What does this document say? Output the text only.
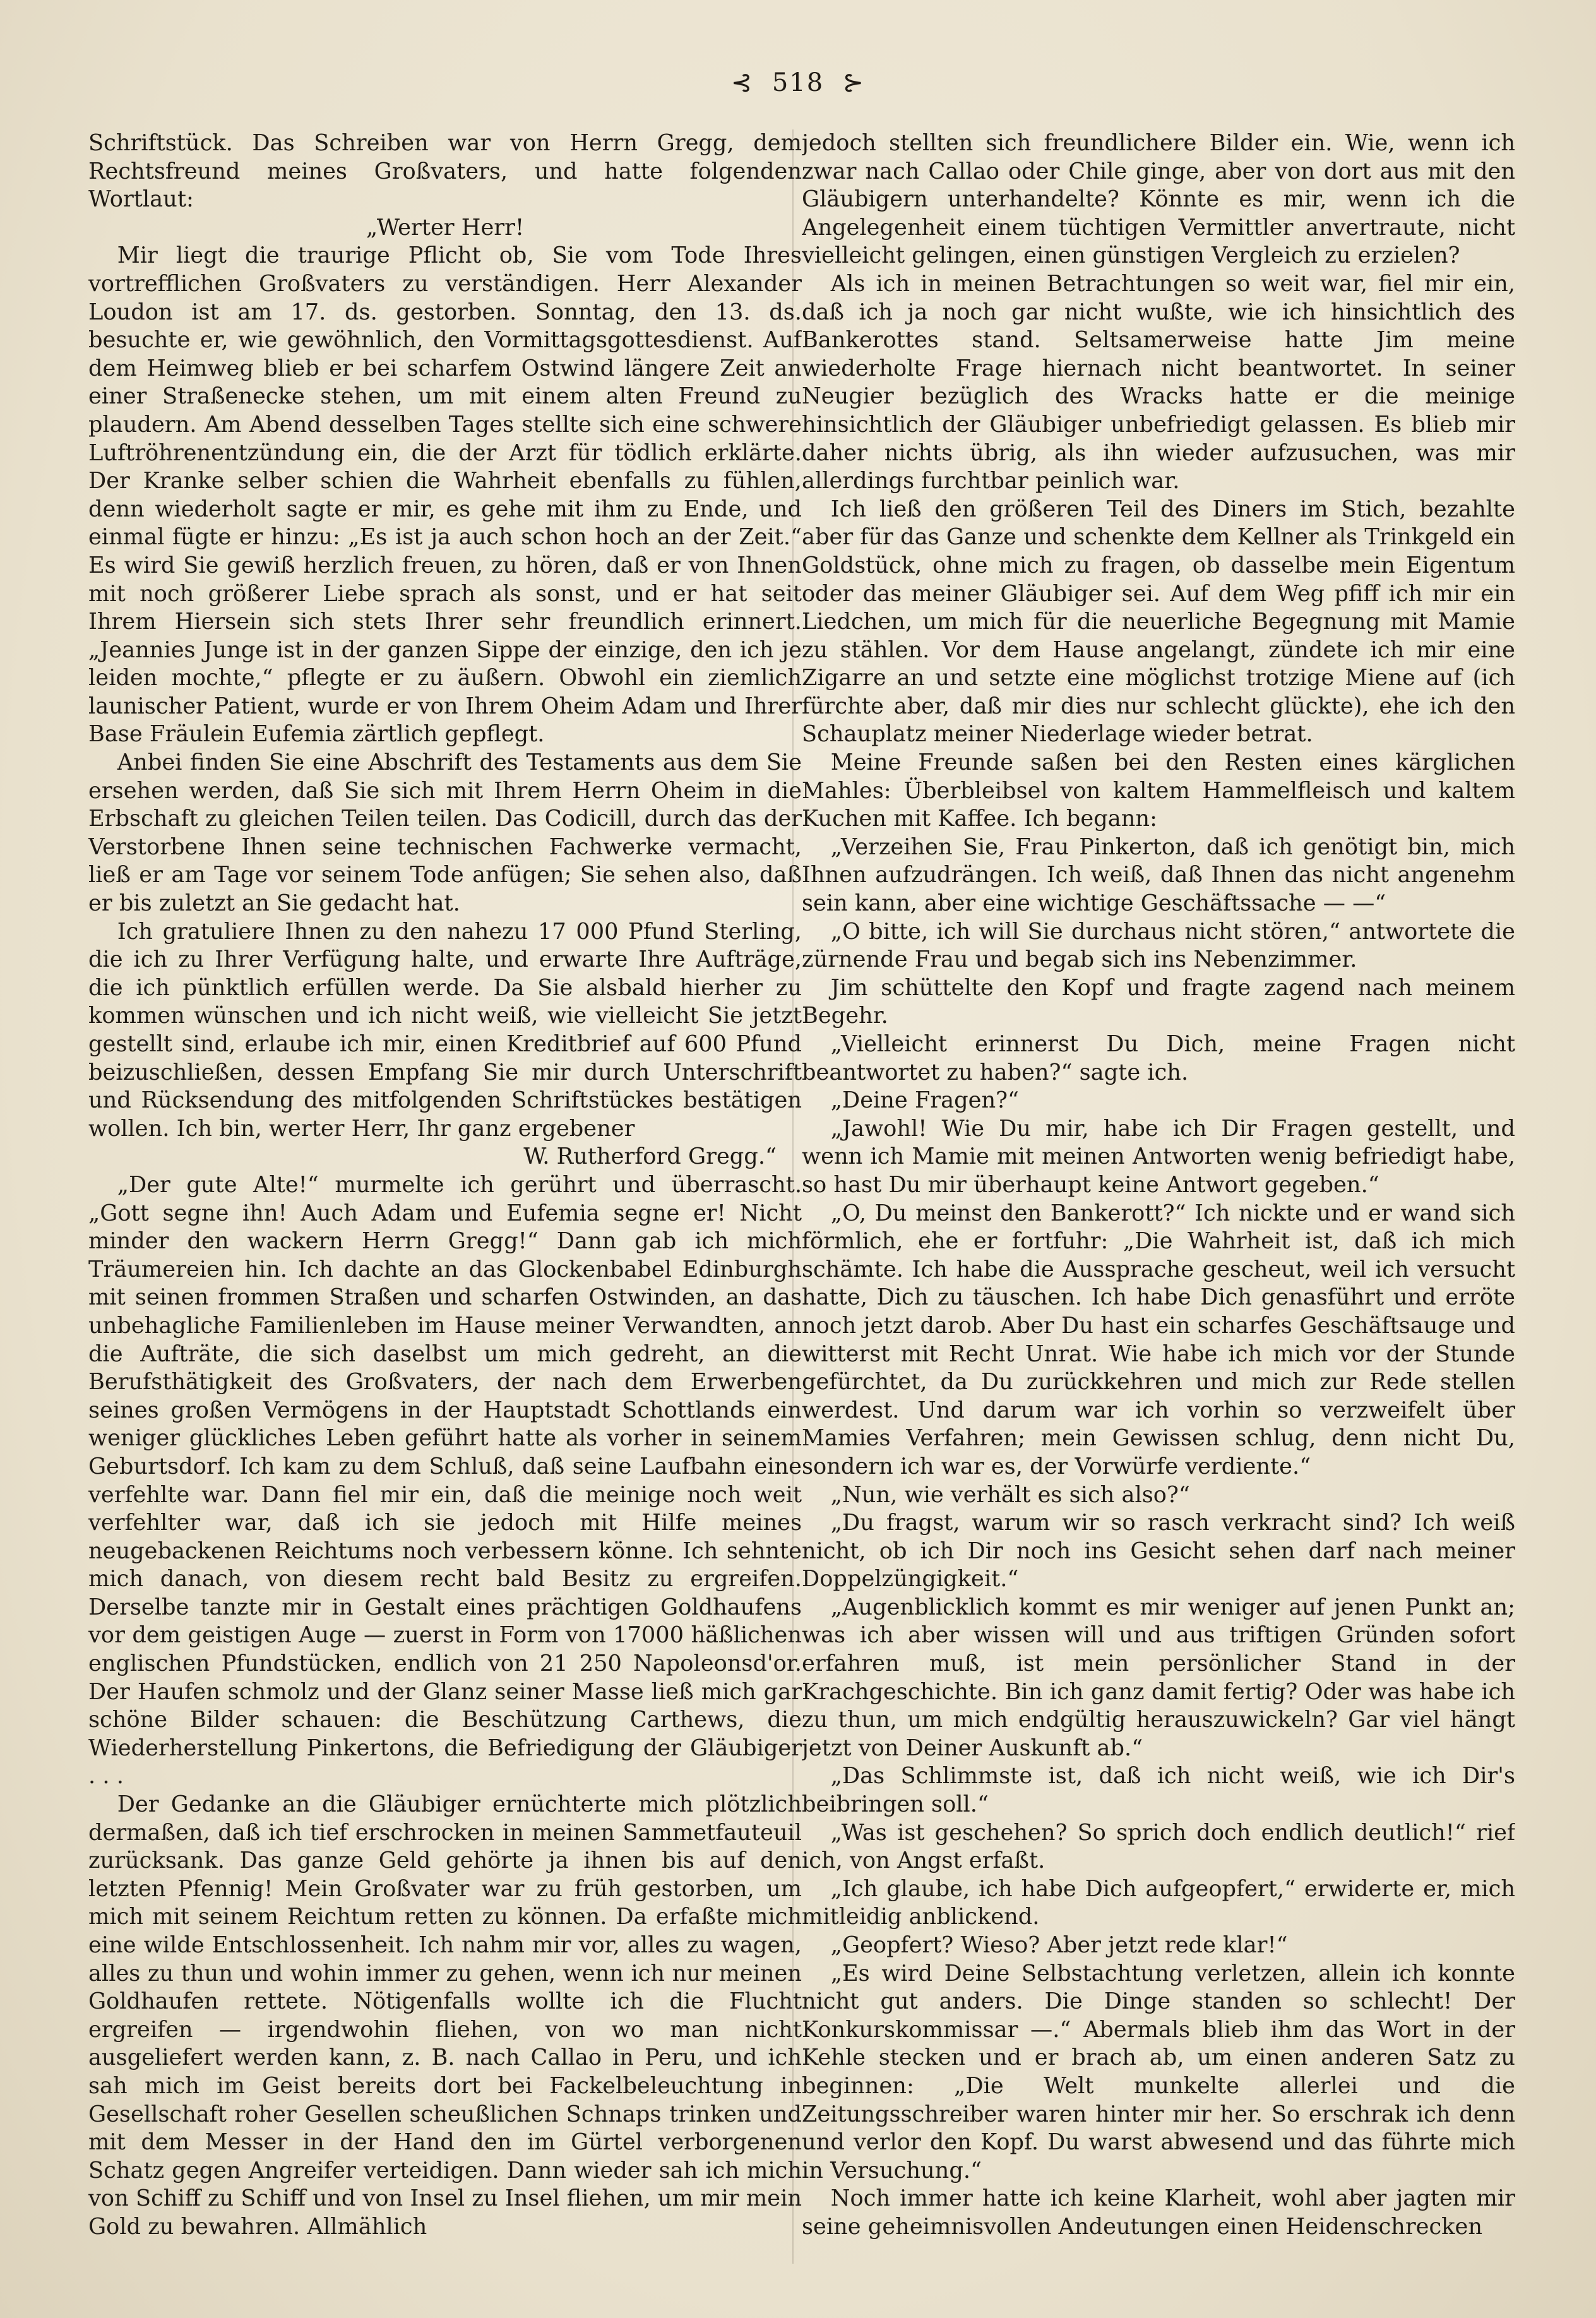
⊰ 518 ⊱

Schriftstück. Das Schreiben war von Herrn Gregg, dem Rechtsfreund meines Großvaters, und hatte folgenden Wortlaut:

„Werter Herr!

Mir liegt die traurige Pflicht ob, Sie vom Tode Ihres vortrefflichen Großvaters zu verständigen. Herr Alexander Loudon ist am 17. ds. gestorben. Sonntag, den 13. ds. besuchte er, wie gewöhnlich, den Vormittagsgottesdienst. Auf dem Heimweg blieb er bei scharfem Ostwind längere Zeit an einer Straßenecke stehen, um mit einem alten Freund zu plaudern. Am Abend desselben Tages stellte sich eine schwere Luftröhrenentzündung ein, die der Arzt für tödlich erklärte. Der Kranke selber schien die Wahrheit ebenfalls zu fühlen, denn wiederholt sagte er mir, es gehe mit ihm zu Ende, und einmal fügte er hinzu: „Es ist ja auch schon hoch an der Zeit.“ Es wird Sie gewiß herzlich freuen, zu hören, daß er von Ihnen mit noch größerer Liebe sprach als sonst, und er hat seit Ihrem Hiersein sich stets Ihrer sehr freundlich erinnert. „Jeannies Junge ist in der ganzen Sippe der einzige, den ich je leiden mochte,“ pflegte er zu äußern. Obwohl ein ziemlich launischer Patient, wurde er von Ihrem Oheim Adam und Ihrer Base Fräulein Eufemia zärtlich gepflegt.

Anbei finden Sie eine Abschrift des Testaments aus dem Sie ersehen werden, daß Sie sich mit Ihrem Herrn Oheim in die Erbschaft zu gleichen Teilen teilen. Das Codicill, durch das der Verstorbene Ihnen seine technischen Fachwerke vermacht, ließ er am Tage vor seinem Tode anfügen; Sie sehen also, daß er bis zuletzt an Sie gedacht hat.

Ich gratuliere Ihnen zu den nahezu 17 000 Pfund Sterling, die ich zu Ihrer Verfügung halte, und erwarte Ihre Aufträge, die ich pünktlich erfüllen werde. Da Sie alsbald hierher zu kommen wünschen und ich nicht weiß, wie vielleicht Sie jetzt gestellt sind, erlaube ich mir, einen Kreditbrief auf 600 Pfund beizuschließen, dessen Empfang Sie mir durch Unterschrift und Rücksendung des mitfolgenden Schriftstückes bestätigen wollen. Ich bin, werter Herr, Ihr ganz ergebener

W. Rutherford Gregg.“

„Der gute Alte!“ murmelte ich gerührt und überrascht. „Gott segne ihn! Auch Adam und Eufemia segne er! Nicht minder den wackern Herrn Gregg!“ Dann gab ich mich Träumereien hin. Ich dachte an das Glockenbabel Edinburgh mit seinen frommen Straßen und scharfen Ostwinden, an das unbehagliche Familienleben im Hause meiner Verwandten, an die Aufträte, die sich daselbst um mich gedreht, an die Berufsthätigkeit des Großvaters, der nach dem Erwerben seines großen Vermögens in der Hauptstadt Schottlands ein weniger glückliches Leben geführt hatte als vorher in seinem Geburtsdorf. Ich kam zu dem Schluß, daß seine Laufbahn eine verfehlte war. Dann fiel mir ein, daß die meinige noch weit verfehlter war, daß ich sie jedoch mit Hilfe meines neugebackenen Reichtums noch verbessern könne. Ich sehnte mich danach, von diesem recht bald Besitz zu ergreifen. Derselbe tanzte mir in Gestalt eines prächtigen Goldhaufens vor dem geistigen Auge — zuerst in Form von 17000 häßlichen englischen Pfundstücken, endlich von 21 250 Napoleonsd'or. Der Haufen schmolz und der Glanz seiner Masse ließ mich gar schöne Bilder schauen: die Beschützung Carthews, die Wiederherstellung Pinkertons, die Befriedigung der Gläubiger . . .

Der Gedanke an die Gläubiger ernüchterte mich plötzlich dermaßen, daß ich tief erschrocken in meinen Sammetfauteuil zurücksank. Das ganze Geld gehörte ja ihnen bis auf den letzten Pfennig! Mein Großvater war zu früh gestorben, um mich mit seinem Reichtum retten zu können. Da erfaßte mich eine wilde Entschlossenheit. Ich nahm mir vor, alles zu wagen, alles zu thun und wohin immer zu gehen, wenn ich nur meinen Goldhaufen rettete. Nötigenfalls wollte ich die Flucht ergreifen — irgendwohin fliehen, von wo man nicht ausgeliefert werden kann, z. B. nach Callao in Peru, und ich sah mich im Geist bereits dort bei Fackelbeleuchtung in Gesellschaft roher Gesellen scheußlichen Schnaps trinken und mit dem Messer in der Hand den im Gürtel verborgenen Schatz gegen Angreifer verteidigen. Dann wieder sah ich mich von Schiff zu Schiff und von Insel zu Insel fliehen, um mir mein Gold zu bewahren. Allmählich

jedoch stellten sich freundlichere Bilder ein. Wie, wenn ich zwar nach Callao oder Chile ginge, aber von dort aus mit den Gläubigern unterhandelte? Könnte es mir, wenn ich die Angelegenheit einem tüchtigen Vermittler anvertraute, nicht vielleicht gelingen, einen günstigen Vergleich zu erzielen?

Als ich in meinen Betrachtungen so weit war, fiel mir ein, daß ich ja noch gar nicht wußte, wie ich hinsichtlich des Bankerottes stand. Seltsamerweise hatte Jim meine wiederholte Frage hiernach nicht beantwortet. In seiner Neugier bezüglich des Wracks hatte er die meinige hinsichtlich der Gläubiger unbefriedigt gelassen. Es blieb mir daher nichts übrig, als ihn wieder aufzusuchen, was mir allerdings furchtbar peinlich war.

Ich ließ den größeren Teil des Diners im Stich, bezahlte aber für das Ganze und schenkte dem Kellner als Trinkgeld ein Goldstück, ohne mich zu fragen, ob dasselbe mein Eigentum oder das meiner Gläubiger sei. Auf dem Weg pfiff ich mir ein Liedchen, um mich für die neuerliche Begegnung mit Mamie zu stählen. Vor dem Hause angelangt, zündete ich mir eine Zigarre an und setzte eine möglichst trotzige Miene auf (ich fürchte aber, daß mir dies nur schlecht glückte), ehe ich den Schauplatz meiner Niederlage wieder betrat.

Meine Freunde saßen bei den Resten eines kärglichen Mahles: Überbleibsel von kaltem Hammelfleisch und kaltem Kuchen mit Kaffee. Ich begann:

„Verzeihen Sie, Frau Pinkerton, daß ich genötigt bin, mich Ihnen aufzudrängen. Ich weiß, daß Ihnen das nicht angenehm sein kann, aber eine wichtige Geschäftssache — —“

„O bitte, ich will Sie durchaus nicht stören,“ antwortete die zürnende Frau und begab sich ins Nebenzimmer.

Jim schüttelte den Kopf und fragte zagend nach meinem Begehr.

„Vielleicht erinnerst Du Dich, meine Fragen nicht beantwortet zu haben?“ sagte ich.

„Deine Fragen?“

„Jawohl! Wie Du mir, habe ich Dir Fragen gestellt, und wenn ich Mamie mit meinen Antworten wenig befriedigt habe, so hast Du mir überhaupt keine Antwort gegeben.“

„O, Du meinst den Bankerott?“ Ich nickte und er wand sich förmlich, ehe er fortfuhr: „Die Wahrheit ist, daß ich mich schämte. Ich habe die Aussprache gescheut, weil ich versucht hatte, Dich zu täuschen. Ich habe Dich genasführt und erröte noch jetzt darob. Aber Du hast ein scharfes Geschäftsauge und witterst mit Recht Unrat. Wie habe ich mich vor der Stunde gefürchtet, da Du zurückkehren und mich zur Rede stellen werdest. Und darum war ich vorhin so verzweifelt über Mamies Verfahren; mein Gewissen schlug, denn nicht Du, sondern ich war es, der Vorwürfe verdiente.“

„Nun, wie verhält es sich also?“

„Du fragst, warum wir so rasch verkracht sind? Ich weiß nicht, ob ich Dir noch ins Gesicht sehen darf nach meiner Doppelzüngigkeit.“

„Augenblicklich kommt es mir weniger auf jenen Punkt an; was ich aber wissen will und aus triftigen Gründen sofort erfahren muß, ist mein persönlicher Stand in der Krachgeschichte. Bin ich ganz damit fertig? Oder was habe ich zu thun, um mich endgültig herauszuwickeln? Gar viel hängt jetzt von Deiner Auskunft ab.“

„Das Schlimmste ist, daß ich nicht weiß, wie ich Dir's beibringen soll.“

„Was ist geschehen? So sprich doch endlich deutlich!“ rief ich, von Angst erfaßt.

„Ich glaube, ich habe Dich aufgeopfert,“ erwiderte er, mich mitleidig anblickend.

„Geopfert? Wieso? Aber jetzt rede klar!“

„Es wird Deine Selbstachtung verletzen, allein ich konnte nicht gut anders. Die Dinge standen so schlecht! Der Konkurskommissar —.“ Abermals blieb ihm das Wort in der Kehle stecken und er brach ab, um einen anderen Satz zu beginnen: „Die Welt munkelte allerlei und die Zeitungsschreiber waren hinter mir her. So erschrak ich denn und verlor den Kopf. Du warst abwesend und das führte mich in Versuchung.“

Noch immer hatte ich keine Klarheit, wohl aber jagten mir seine geheimnisvollen Andeutungen einen Heidenschrecken
